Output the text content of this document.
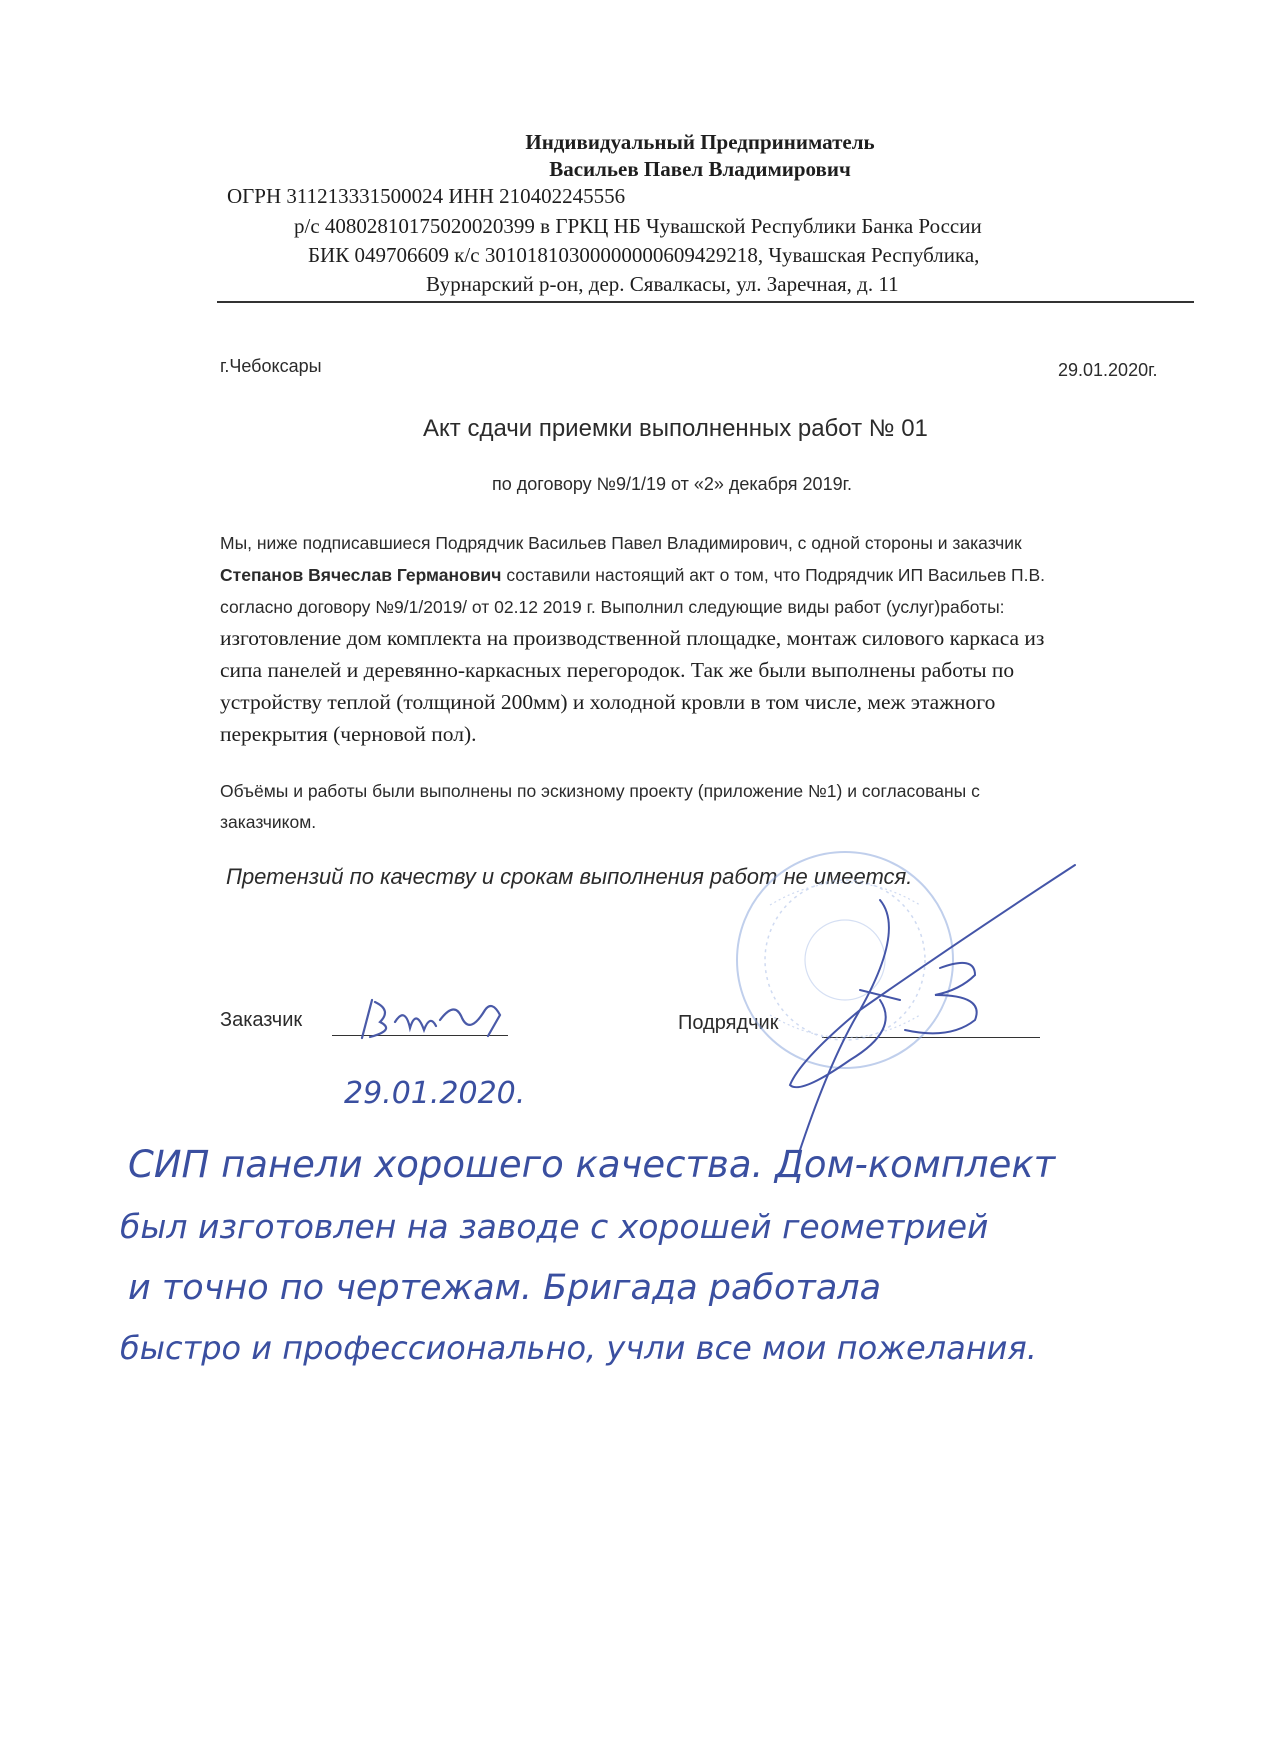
Индивидуальный Предприниматель
Васильев Павел Владимирович
ОГРН 311213331500024 ИНН 210402245556
р/с 40802810175020020399 в ГРКЦ НБ Чувашской Республики Банка России
БИК 049706609 к/с 30101810300000000609429218, Чувашская Республика,
Вурнарский р-он, дер. Сявалкасы, ул. Заречная, д. 11
г.Чебоксары	29.01.2020г.
Акт сдачи приемки выполненных работ № 01
по договору №9/1/19 от «2» декабря 2019г.
Мы, ниже подписавшиеся Подрядчик Васильев Павел Владимирович, с одной стороны и заказчик
Степанов Вячеслав Германович составили настоящий акт о том, что Подрядчик ИП Васильев П.В.
согласно договору №9/1/2019/ от 02.12 2019 г. Выполнил следующие виды работ (услуг)работы:
изготовление дом комплекта на производственной площадке, монтаж силового каркаса из
сипа панелей и деревянно-каркасных перегородок. Так же были выполнены работы по
устройству теплой (толщиной 200мм) и холодной кровли в том числе, меж этажного
перекрытия (черновой пол).
Объёмы и работы были выполнены по эскизному проекту (приложение №1) и согласованы с
заказчиком.
Претензий по качеству и срокам выполнения работ не имеется.
Заказчик	Подрядчик
29.01.2020.
СИП панели хорошего качества. Дом-комплект
был изготовлен на заводе с хорошей геометрией
и точно по чертежам. Бригада работала
быстро и профессионально, учли все мои пожелания.
